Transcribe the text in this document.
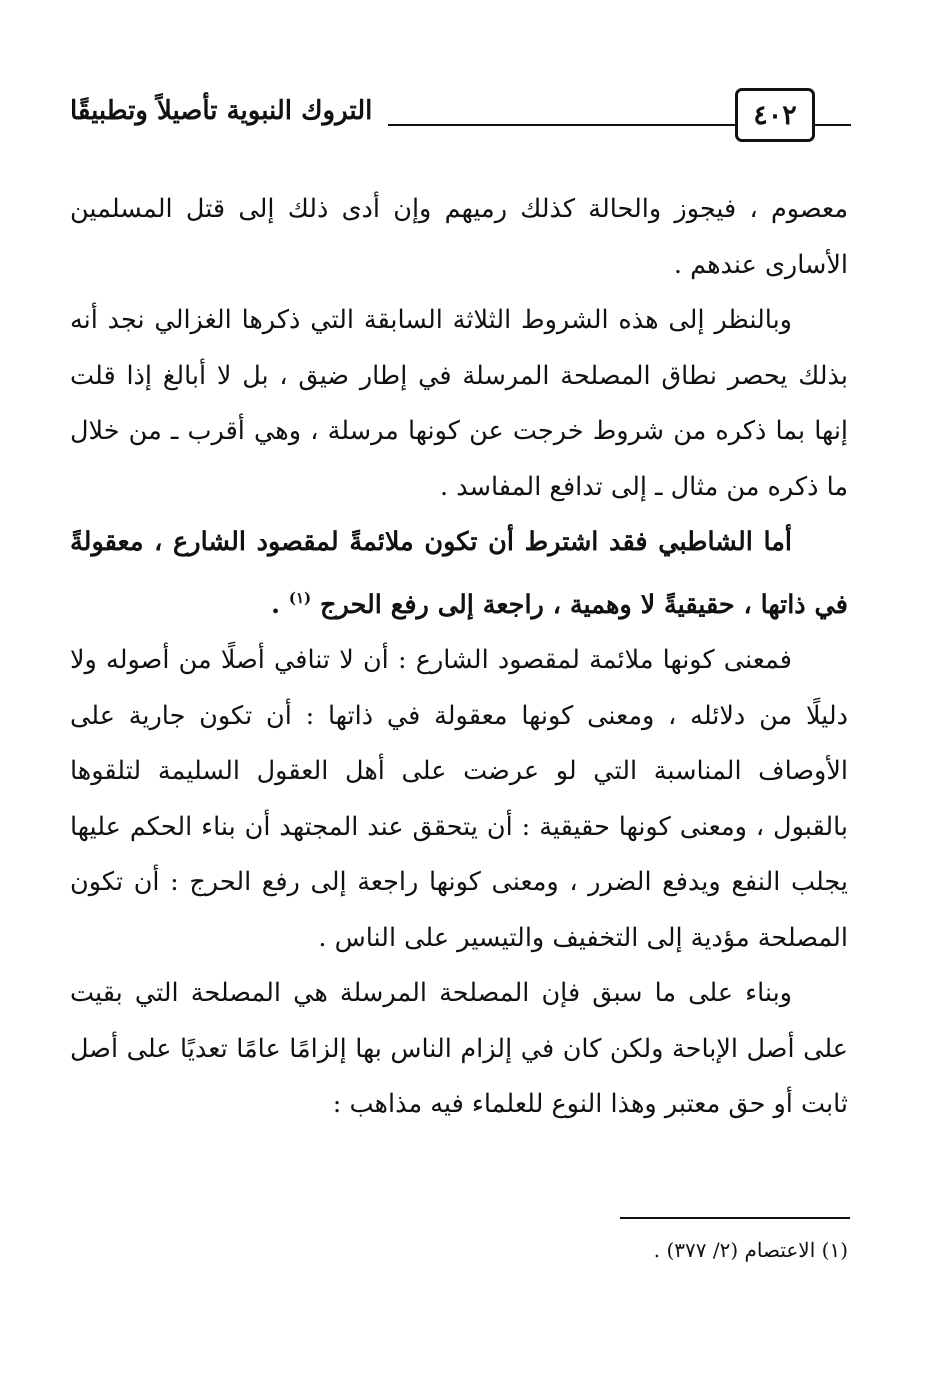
التروك النبوية تأصيلاً وتطبيقًا	٤٠٢

معصوم ، فيجوز والحالة كذلك رميهم وإن أدى ذلك إلى قتل المسلمين الأسارى عندهم .

وبالنظر إلى هذه الشروط الثلاثة السابقة التي ذكرها الغزالي نجد أنه بذلك يحصر نطاق المصلحة المرسلة في إطار ضيق ، بل لا أبالغ إذا قلت إنها بما ذكره من شروط خرجت عن كونها مرسلة ، وهي أقرب ـ من خلال ما ذكره من مثال ـ إلى تدافع المفاسد .

أما الشاطبي فقد اشترط أن تكون ملائمةً لمقصود الشارع ، معقولةً في ذاتها ، حقيقيةً لا وهمية ، راجعة إلى رفع الحرج $^{(١)}$ .

فمعنى كونها ملائمة لمقصود الشارع : أن لا تنافي أصلًا من أصوله ولا دليلًا من دلائله ، ومعنى كونها معقولة في ذاتها : أن تكون جارية على الأوصاف المناسبة التي لو عرضت على أهل العقول السليمة لتلقوها بالقبول ، ومعنى كونها حقيقية : أن يتحقق عند المجتهد أن بناء الحكم عليها يجلب النفع ويدفع الضرر ، ومعنى كونها راجعة إلى رفع الحرج : أن تكون المصلحة مؤدية إلى التخفيف والتيسير على الناس .

وبناء على ما سبق فإن المصلحة المرسلة هي المصلحة التي بقيت على أصل الإباحة ولكن كان في إلزام الناس بها إلزامًا عامًا تعديًا على أصل ثابت أو حق معتبر وهذا النوع للعلماء فيه مذاهب :

(١) الاعتصام (٢/ ٣٧٧) .
